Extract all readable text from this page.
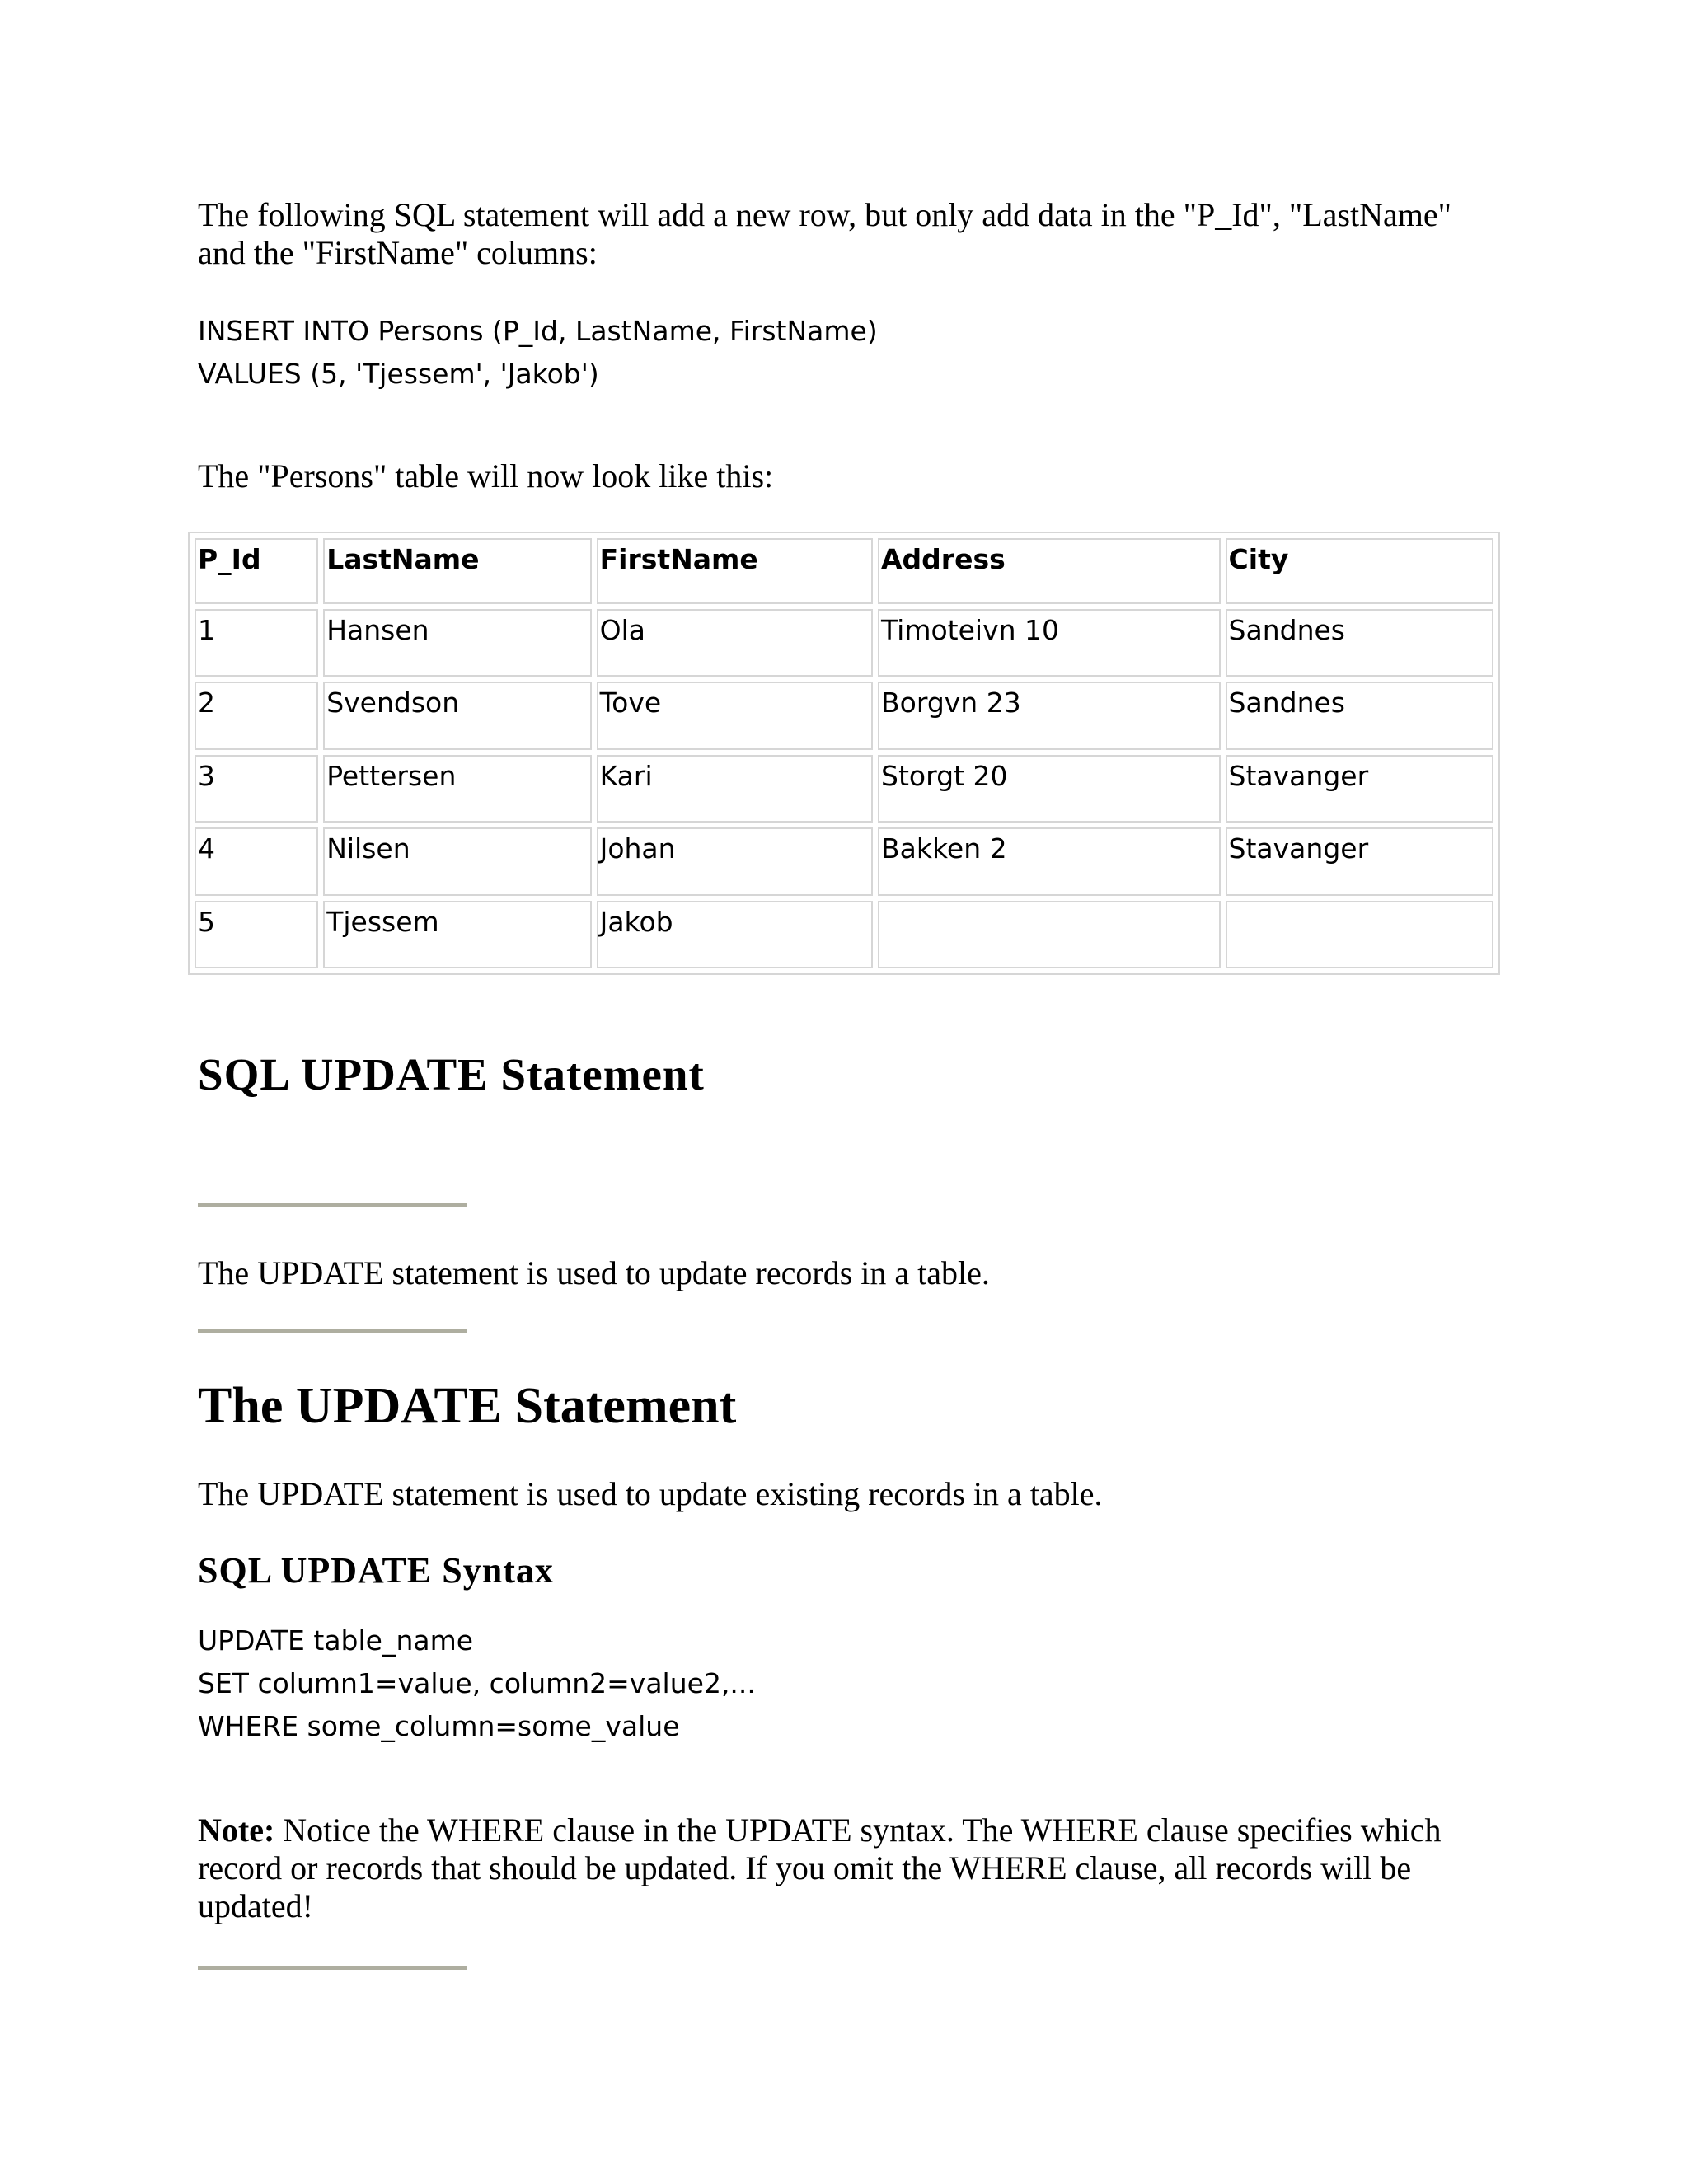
The following SQL statement will add a new row, but only add data in the "P_Id", "LastName" and the "FirstName" columns:

INSERT INTO Persons (P_Id, LastName, FirstName)
VALUES (5, 'Tjessem', 'Jakob')

The "Persons" table will now look like this:

P_Id	LastName	FirstName	Address	City
1	Hansen	Ola	Timoteivn 10	Sandnes
2	Svendson	Tove	Borgvn 23	Sandnes
3	Pettersen	Kari	Storgt 20	Stavanger
4	Nilsen	Johan	Bakken 2	Stavanger
5	Tjessem	Jakob		
SQL UPDATE Statement

The UPDATE statement is used to update records in a table.

The UPDATE Statement

The UPDATE statement is used to update existing records in a table.

SQL UPDATE Syntax
UPDATE table_name
SET column1=value, column2=value2,...
WHERE some_column=some_value

Note: Notice the WHERE clause in the UPDATE syntax. The WHERE clause specifies which record or records that should be updated. If you omit the WHERE clause, all records will be updated!
